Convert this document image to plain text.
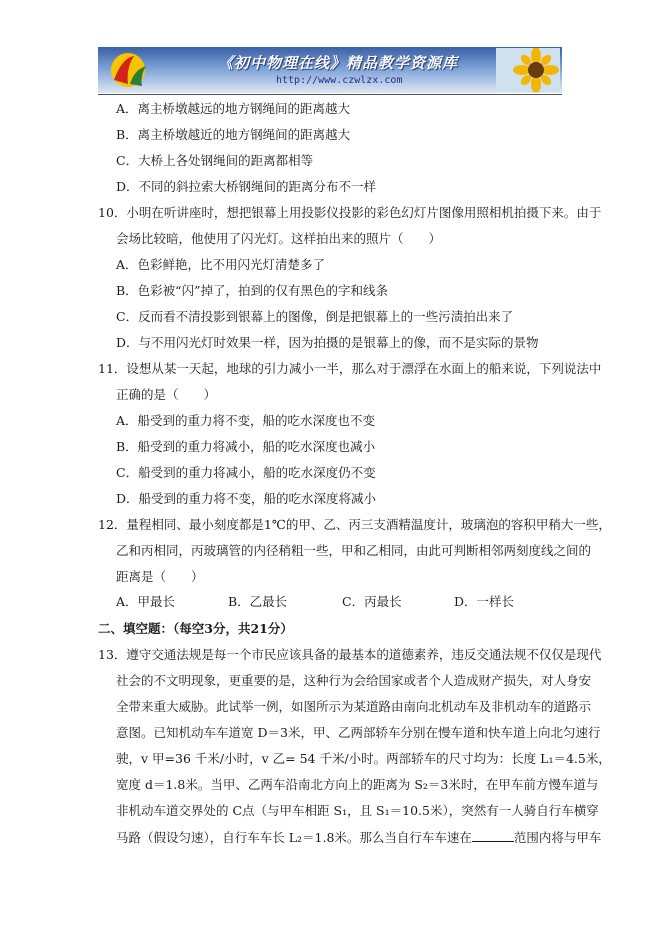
《初中物理在线》精品教学资源库
http://www.czwlzx.com
A．离主桥墩越远的地方钢绳间的距离越大
B．离主桥墩越近的地方钢绳间的距离越大
C．大桥上各处钢绳间的距离都相等
D．不同的斜拉索大桥钢绳间的距离分布不一样
10．小明在听讲座时，想把银幕上用投影仪投影的彩色幻灯片图像用照相机拍摄下来。由于
会场比较暗，他使用了闪光灯。这样拍出来的照片（　　）
A．色彩鲜艳，比不用闪光灯清楚多了
B．色彩被“闪”掉了，拍到的仅有黑色的字和线条
C．反而看不清投影到银幕上的图像，倒是把银幕上的一些污渍拍出来了
D．与不用闪光灯时效果一样，因为拍摄的是银幕上的像，而不是实际的景物
11．设想从某一天起，地球的引力减小一半，那么对于漂浮在水面上的船来说，下列说法中
正确的是（　　）
A．船受到的重力将不变，船的吃水深度也不变
B．船受到的重力将减小，船的吃水深度也减小
C．船受到的重力将减小，船的吃水深度仍不变
D．船受到的重力将不变，船的吃水深度将减小
12．量程相同、最小刻度都是1℃的甲、乙、丙三支酒精温度计，玻璃泡的容积甲稍大一些，
乙和丙相同，丙玻璃管的内径稍粗一些，甲和乙相同，由此可判断相邻两刻度线之间的
距离是（　　）
A．甲最长	B．乙最长	C．丙最长	D．一样长
二、填空题：（每空3分，共21分）
13．遵守交通法规是每一个市民应该具备的最基本的道德素养，违反交通法规不仅仅是现代
社会的不文明现象，更重要的是，这种行为会给国家或者个人造成财产损失，对人身安
全带来重大威胁。此试举一例，如图所示为某道路由南向北机动车及非机动车的道路示
意图。已知机动车车道宽 D＝3米，甲、乙两部轿车分别在慢车道和快车道上向北匀速行
驶，v 甲=36 千米/小时，v 乙= 54 千米/小时。两部轿车的尺寸均为：长度 L₁＝4.5米，
宽度 d＝1.8米。当甲、乙两车沿南北方向上的距离为 S₂＝3米时，在甲车前方慢车道与
非机动车道交界处的 C点（与甲车相距 S₁，且 S₁＝10.5米），突然有一人骑自行车横穿
马路（假设匀速），自行车车长 L₂＝1.8米。那么当自行车车速在	范围内将与甲车
